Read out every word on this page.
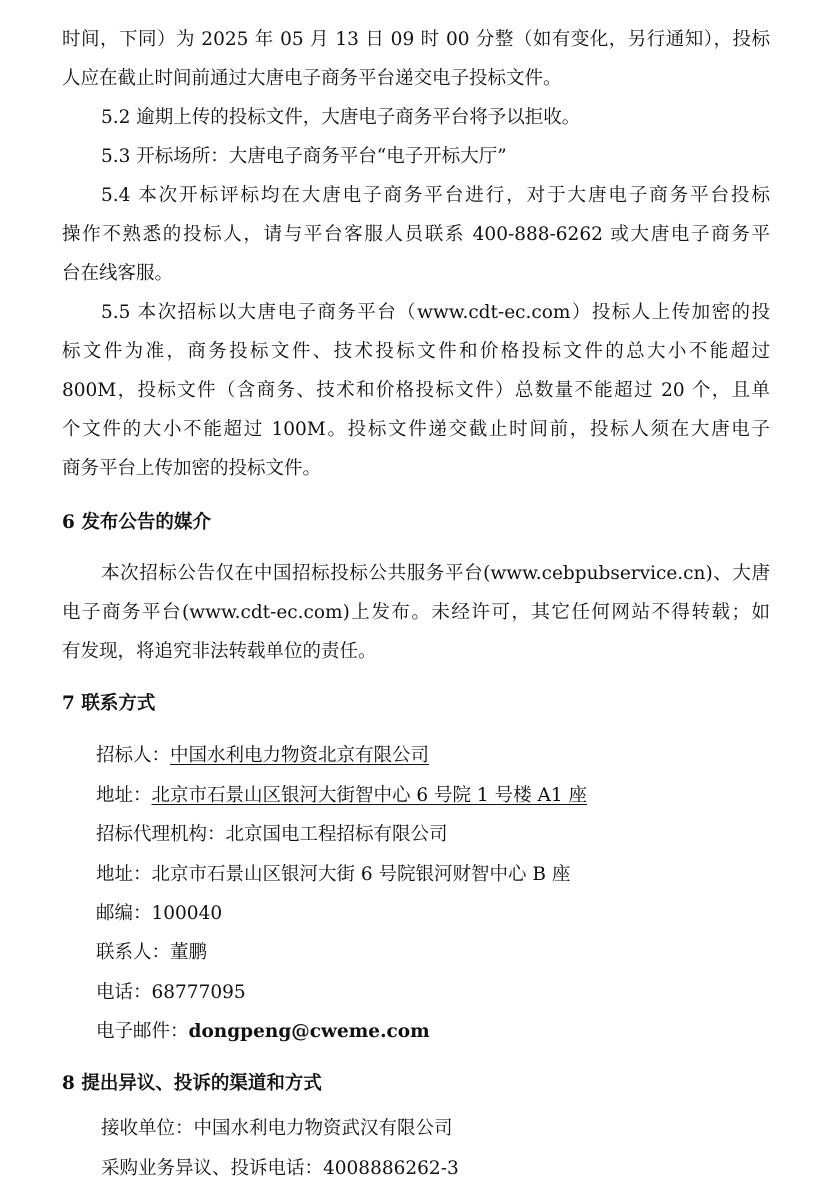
时间，下同）为 2025 年 05 月 13 日 09 时 00 分整（如有变化，另行通知），投标
人应在截止时间前通过大唐电子商务平台递交电子投标文件。
5.2 逾期上传的投标文件，大唐电子商务平台将予以拒收。
5.3 开标场所：大唐电子商务平台“电子开标大厅”
5.4 本次开标评标均在大唐电子商务平台进行，对于大唐电子商务平台投标
操作不熟悉的投标人，请与平台客服人员联系 400-888-6262 或大唐电子商务平
台在线客服。
5.5 本次招标以大唐电子商务平台（www.cdt-ec.com）投标人上传加密的投
标文件为准，商务投标文件、技术投标文件和价格投标文件的总大小不能超过
800M，投标文件（含商务、技术和价格投标文件）总数量不能超过 20 个，且单
个文件的大小不能超过 100M。投标文件递交截止时间前，投标人须在大唐电子
商务平台上传加密的投标文件。
6 发布公告的媒介
本次招标公告仅在中国招标投标公共服务平台(www.cebpubservice.cn)、大唐
电子商务平台(www.cdt-ec.com)上发布。未经许可，其它任何网站不得转载；如
有发现，将追究非法转载单位的责任。
7 联系方式
招标人：中国水利电力物资北京有限公司
地址：北京市石景山区银河大街智中心 6 号院 1 号楼 A1 座
招标代理机构：北京国电工程招标有限公司
地址：北京市石景山区银河大街 6 号院银河财智中心 B 座
邮编：100040
联系人：董鹏
电话：68777095
电子邮件：dongpeng@cweme.com
8 提出异议、投诉的渠道和方式
接收单位：中国水利电力物资武汉有限公司
采购业务异议、投诉电话：4008886262-3
